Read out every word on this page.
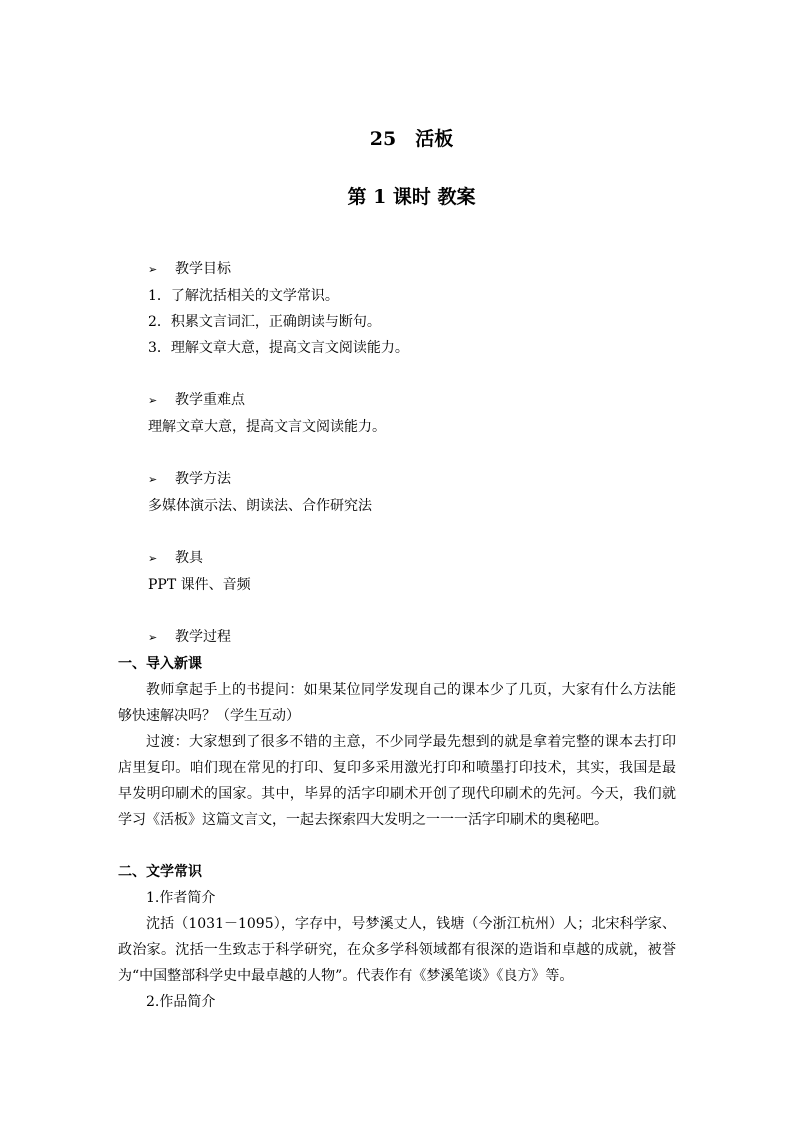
25　活板
第 1 课时 教案
➢ 教学目标
1．了解沈括相关的文学常识。
2．积累文言词汇，正确朗读与断句。
3．理解文章大意，提高文言文阅读能力。
➢ 教学重难点
理解文章大意，提高文言文阅读能力。
➢ 教学方法
多媒体演示法、朗读法、合作研究法
➢ 教具
PPT 课件、音频
➢ 教学过程
一、导入新课
教师拿起手上的书提问：如果某位同学发现自己的课本少了几页，大家有什么方法能够快速解决吗？（学生互动）
过渡：大家想到了很多不错的主意，不少同学最先想到的就是拿着完整的课本去打印店里复印。咱们现在常见的打印、复印多采用激光打印和喷墨打印技术，其实，我国是最早发明印刷术的国家。其中，毕昇的活字印刷术开创了现代印刷术的先河。今天，我们就学习《活板》这篇文言文，一起去探索四大发明之一一一活字印刷术的奥秘吧。
二、文学常识
1.作者简介
沈括（1031－1095），字存中，号梦溪丈人，钱塘（今浙江杭州）人；北宋科学家、政治家。沈括一生致志于科学研究，在众多学科领域都有很深的造诣和卓越的成就，被誉为“中国整部科学史中最卓越的人物”。代表作有《梦溪笔谈》《良方》等。
2.作品简介
